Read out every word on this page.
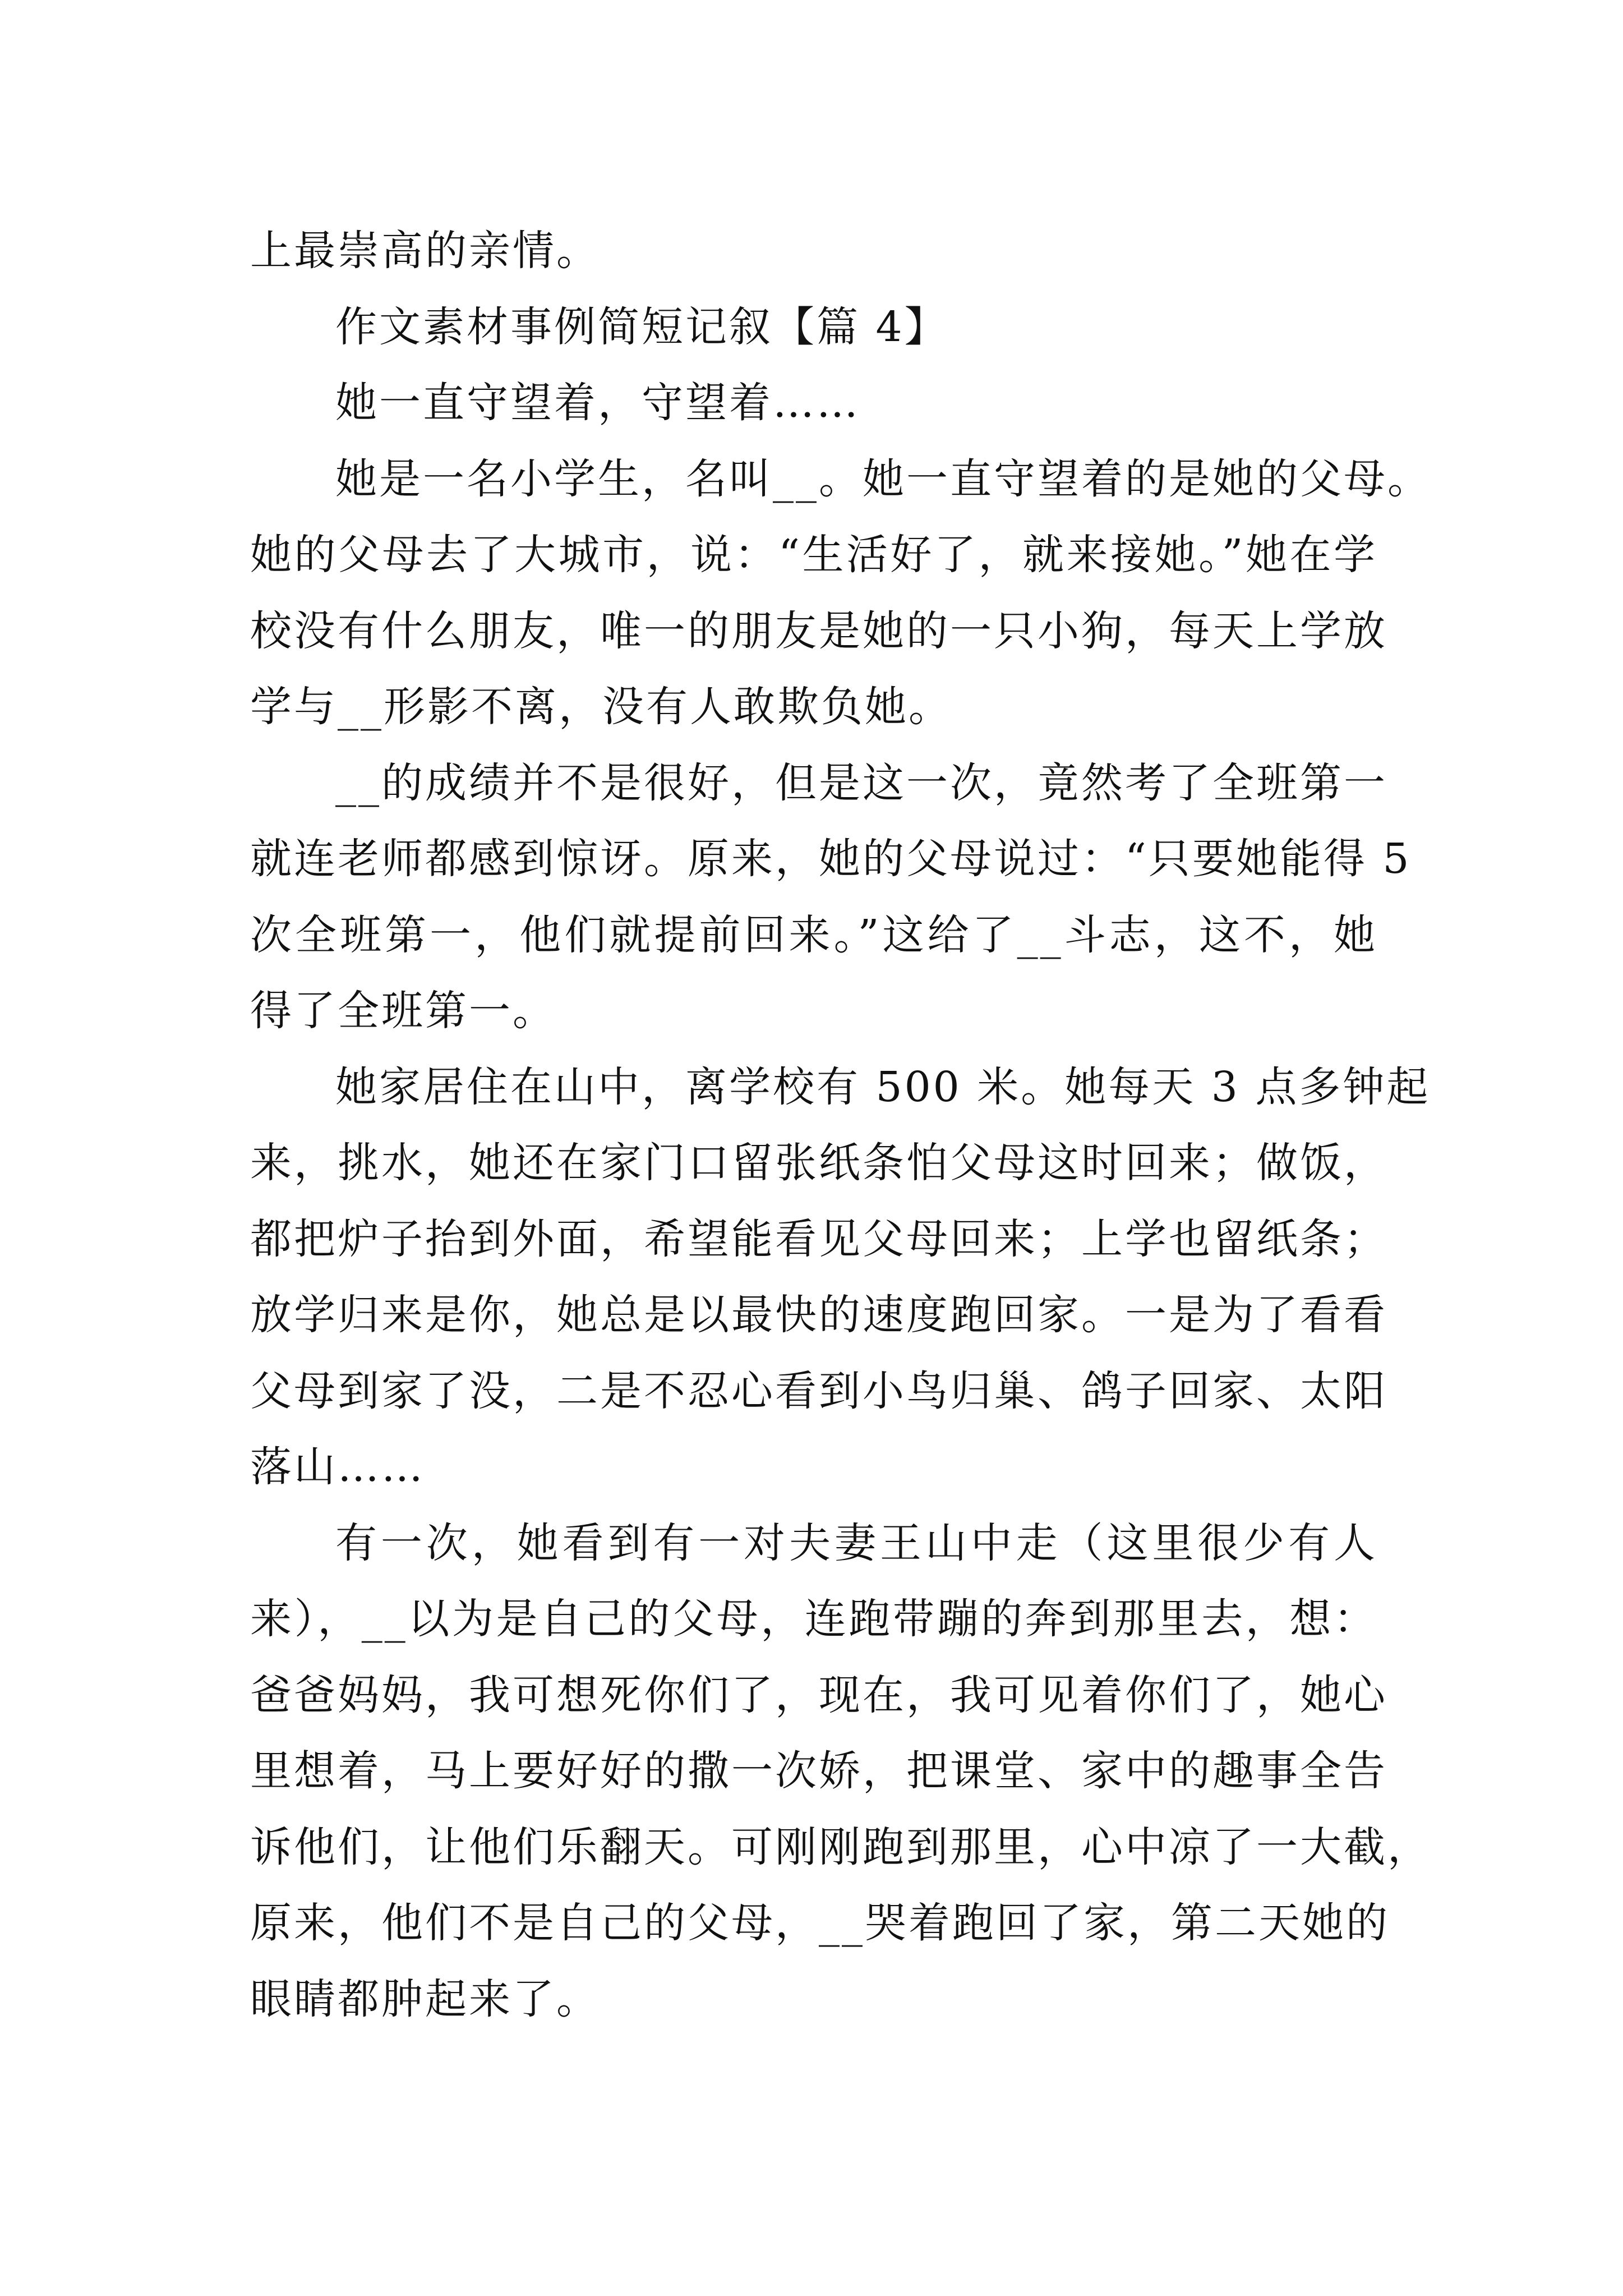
上最崇高的亲情。
作文素材事例简短记叙【篇 4】
她一直守望着，守望着……
她是一名小学生，名叫__。她一直守望着的是她的父母。
她的父母去了大城市，说：“生活好了，就来接她。”她在学
校没有什么朋友，唯一的朋友是她的一只小狗，每天上学放
学与__形影不离，没有人敢欺负她。
__的成绩并不是很好，但是这一次，竟然考了全班第一
就连老师都感到惊讶。原来，她的父母说过：“只要她能得 5
次全班第一，他们就提前回来。”这给了__斗志，这不，她
得了全班第一。
她家居住在山中，离学校有 500 米。她每天 3 点多钟起
来，挑水，她还在家门口留张纸条怕父母这时回来；做饭，
都把炉子抬到外面，希望能看见父母回来；上学也留纸条；
放学归来是你，她总是以最快的速度跑回家。一是为了看看
父母到家了没，二是不忍心看到小鸟归巢、鸽子回家、太阳
落山……
有一次，她看到有一对夫妻王山中走（这里很少有人
来），__以为是自己的父母，连跑带蹦的奔到那里去，想：
爸爸妈妈，我可想死你们了，现在，我可见着你们了，她心
里想着，马上要好好的撒一次娇，把课堂、家中的趣事全告
诉他们，让他们乐翻天。可刚刚跑到那里，心中凉了一大截，
原来，他们不是自己的父母，__哭着跑回了家，第二天她的
眼睛都肿起来了。
